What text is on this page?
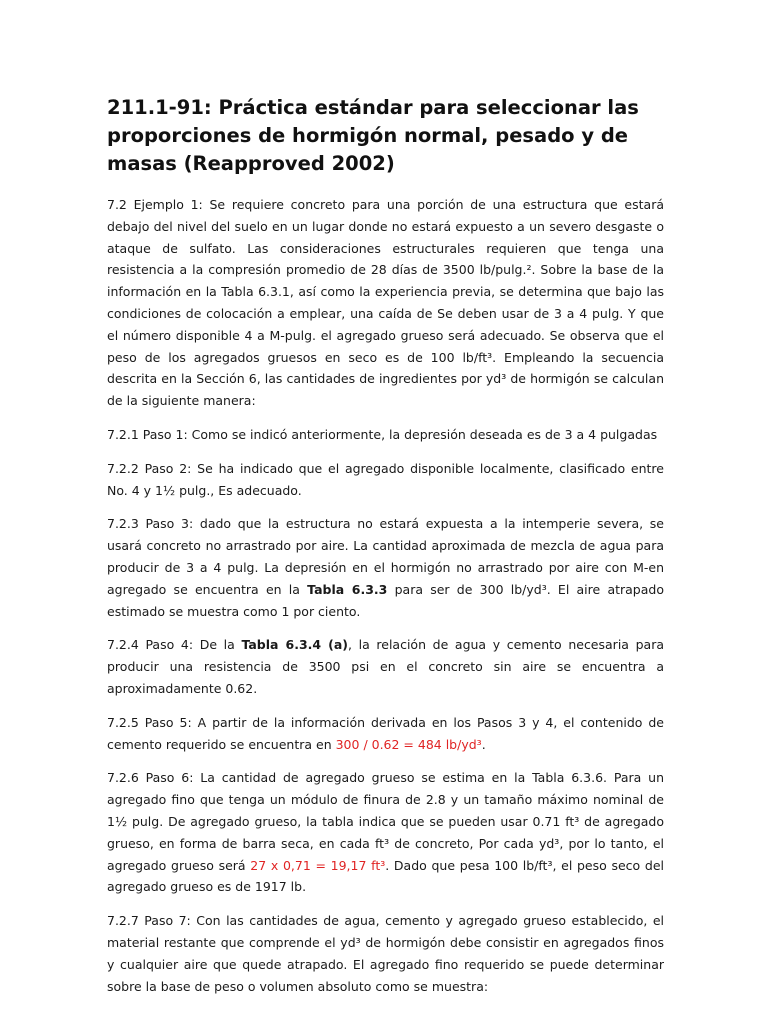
211.1-91: Práctica estándar para seleccionar las proporciones de hormigón normal, pesado y de masas (Reapproved 2002)

7.2 Ejemplo 1: Se requiere concreto para una porción de una estructura que estará debajo del nivel del suelo en un lugar donde no estará expuesto a un severo desgaste o ataque de sulfato. Las consideraciones estructurales requieren que tenga una resistencia a la compresión promedio de 28 días de 3500 lb/pulg.². Sobre la base de la información en la Tabla 6.3.1, así como la experiencia previa, se determina que bajo las condiciones de colocación a emplear, una caída de Se deben usar de 3 a 4 pulg. Y que el número disponible 4 a M-pulg. el agregado grueso será adecuado. Se observa que el peso de los agregados gruesos en seco es de 100 lb/ft³. Empleando la secuencia descrita en la Sección 6, las cantidades de ingredientes por yd³ de hormigón se calculan de la siguiente manera:

7.2.1 Paso 1: Como se indicó anteriormente, la depresión deseada es de 3 a 4 pulgadas

7.2.2 Paso 2: Se ha indicado que el agregado disponible localmente, clasificado entre No. 4 y 1½ pulg., Es adecuado.

7.2.3 Paso 3: dado que la estructura no estará expuesta a la intemperie severa, se usará concreto no arrastrado por aire. La cantidad aproximada de mezcla de agua para producir de 3 a 4 pulg. La depresión en el hormigón no arrastrado por aire con M-en agregado se encuentra en la Tabla 6.3.3 para ser de 300 lb/yd³. El aire atrapado estimado se muestra como 1 por ciento.

7.2.4 Paso 4: De la Tabla 6.3.4 (a), la relación de agua y cemento necesaria para producir una resistencia de 3500 psi en el concreto sin aire se encuentra a aproximadamente 0.62.

7.2.5 Paso 5: A partir de la información derivada en los Pasos 3 y 4, el contenido de cemento requerido se encuentra en 300 / 0.62 = 484 lb/yd³.

7.2.6 Paso 6: La cantidad de agregado grueso se estima en la Tabla 6.3.6. Para un agregado fino que tenga un módulo de finura de 2.8 y un tamaño máximo nominal de 1½ pulg. De agregado grueso, la tabla indica que se pueden usar 0.71 ft³ de agregado grueso, en forma de barra seca, en cada ft³ de concreto, Por cada yd³, por lo tanto, el agregado grueso será 27 x 0,71 = 19,17 ft³. Dado que pesa 100 lb/ft³, el peso seco del agregado grueso es de 1917 lb.

7.2.7 Paso 7: Con las cantidades de agua, cemento y agregado grueso establecido, el material restante que comprende el yd³ de hormigón debe consistir en agregados finos y cualquier aire que quede atrapado. El agregado fino requerido se puede determinar sobre la base de peso o volumen absoluto como se muestra:
